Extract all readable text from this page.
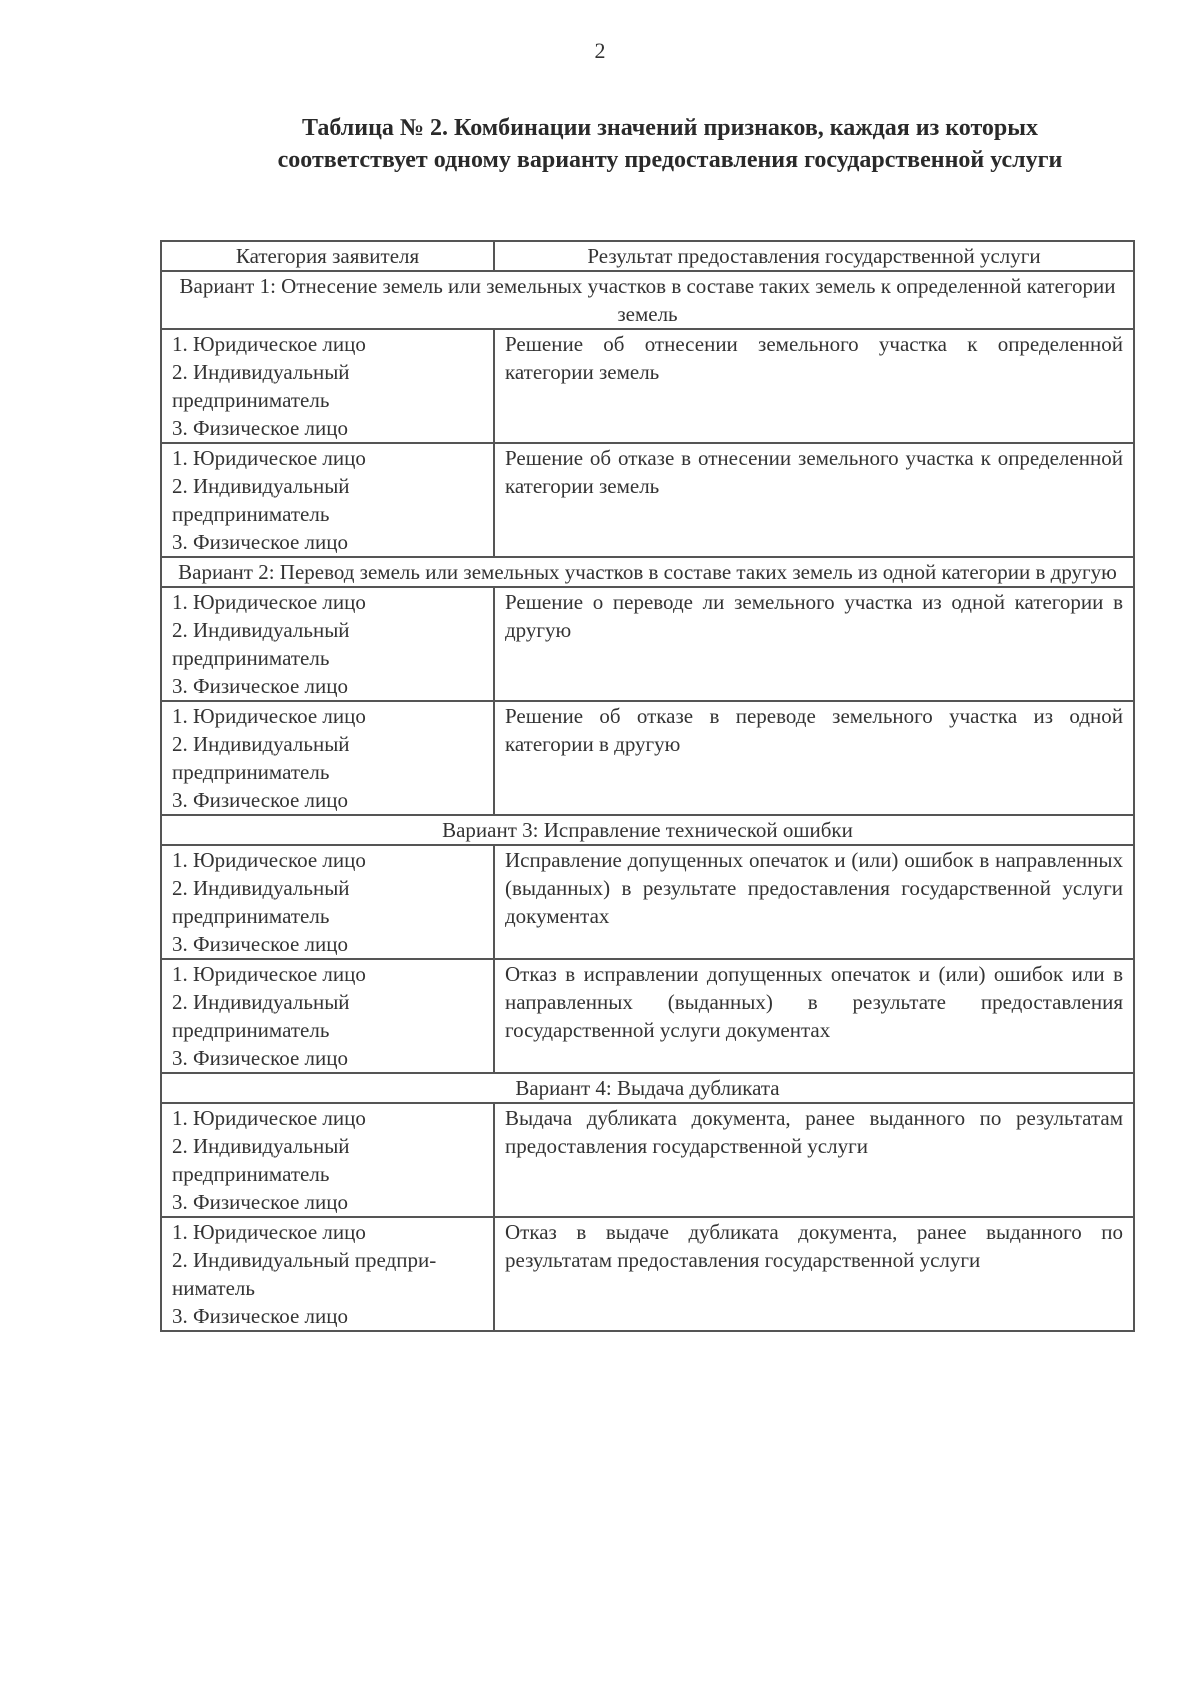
2
Таблица № 2. Комбинации значений признаков, каждая из которых соответствует одному варианту предоставления государственной услуги
Категория заявителя	Результат предоставления государственной услуги
Вариант 1: Отнесение земель или земельных участков в составе таких земель к определенной категории земель	

1. Юридическое лицо
2. Индивидуальный предприниматель
3. Физическое лицо	Решение об отнесении земельного участка к определенной категории земель

1. Юридическое лицо
2. Индивидуальный предприниматель
3. Физическое лицо	Решение об отказе в отнесении земельного участка к определенной категории земель
Вариант 2: Перевод земель или земельных участков в составе таких земель из одной категории в другую	

1. Юридическое лицо
2. Индивидуальный предприниматель
3. Физическое лицо	Решение о переводе ли земельного участка из одной категории в другую

1. Юридическое лицо
2. Индивидуальный предприниматель
3. Физическое лицо	Решение об отказе в переводе земельного участка из одной категории в другую
Вариант 3: Исправление технической ошибки	

1. Юридическое лицо
2. Индивидуальный предприниматель
3. Физическое лицо	Исправление допущенных опечаток и (или) ошибок в направленных (выданных) в результате предоставления государственной услуги документах

1. Юридическое лицо
2. Индивидуальный предприниматель
3. Физическое лицо	Отказ в исправлении допущенных опечаток и (или) ошибок или в направленных (выданных) в результате предоставления государственной услуги документах
Вариант 4: Выдача дубликата	

1. Юридическое лицо
2. Индивидуальный предприниматель
3. Физическое лицо	Выдача дубликата документа, ранее выданного по результатам предоставления государственной услуги

1. Юридическое лицо
2. Индивидуальный предпри-ниматель
3. Физическое лицо	Отказ в выдаче дубликата документа, ранее выданного по результатам предоставления государственной услуги
